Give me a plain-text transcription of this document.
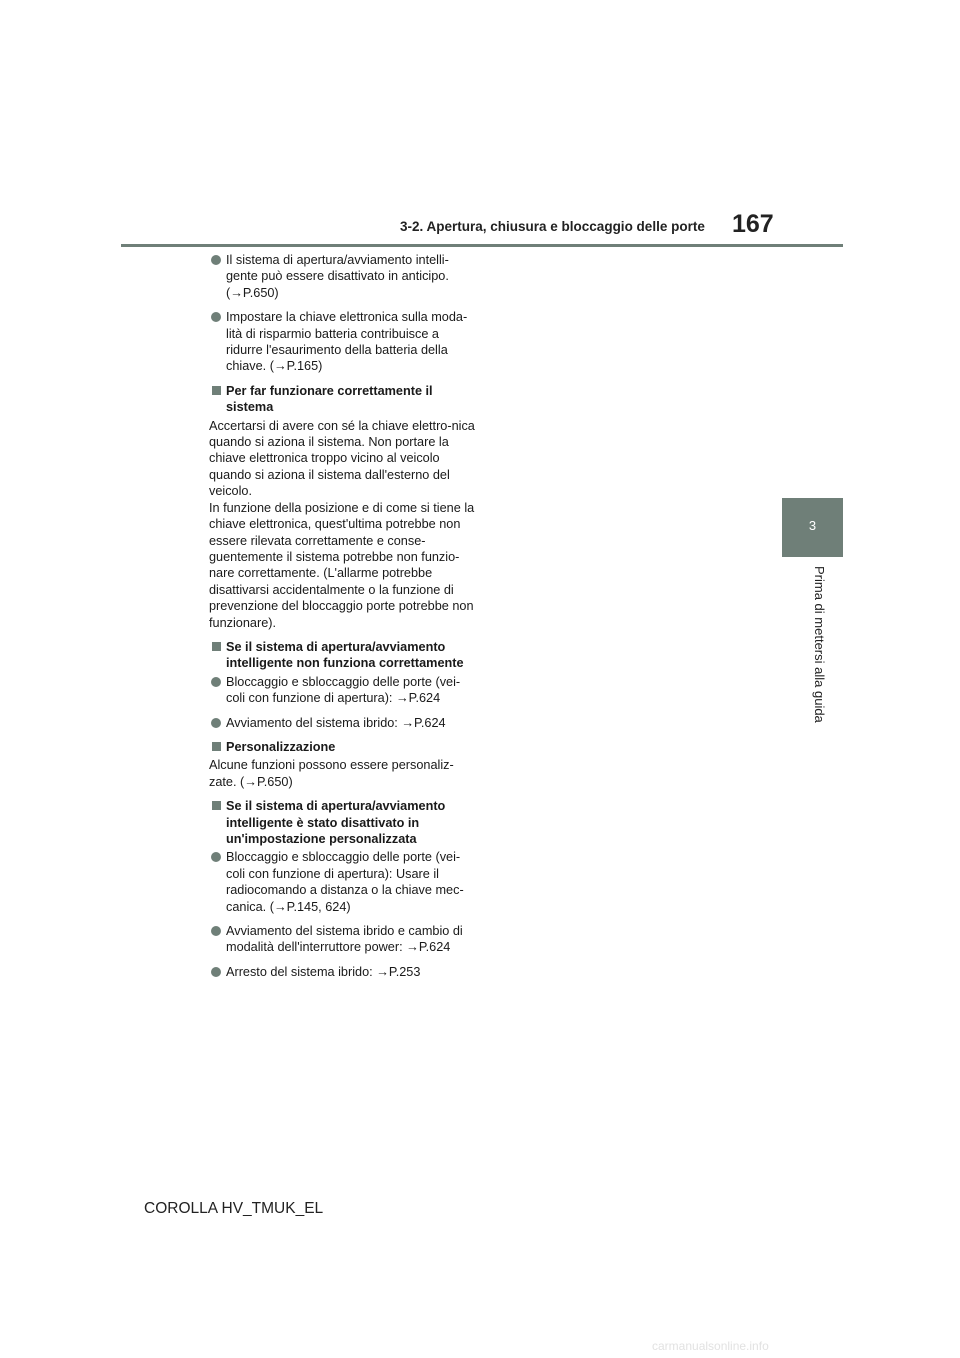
3-2. Apertura, chiusura e bloccaggio delle porte 167
3
Prima di mettersi alla guida
Il sistema di apertura/avviamento intelli-gente può essere disattivato in anticipo. (→P.650)
Impostare la chiave elettronica sulla moda-lità di risparmio batteria contribuisce a ridurre l'esaurimento della batteria della chiave. (→P.165)
Per far funzionare correttamente il sistema
Accertarsi di avere con sé la chiave elettro-nica quando si aziona il sistema. Non portare la chiave elettronica troppo vicino al veicolo quando si aziona il sistema dall'esterno del veicolo.
In funzione della posizione e di come si tiene la chiave elettronica, quest'ultima potrebbe non essere rilevata correttamente e conse-guentemente il sistema potrebbe non funzio-nare correttamente. (L'allarme potrebbe disattivarsi accidentalmente o la funzione di prevenzione del bloccaggio porte potrebbe non funzionare).
Se il sistema di apertura/avviamento intelligente non funziona correttamente
Bloccaggio e sbloccaggio delle porte (vei-coli con funzione di apertura): →P.624
Avviamento del sistema ibrido: →P.624
Personalizzazione
Alcune funzioni possono essere personaliz-zate. (→P.650)
Se il sistema di apertura/avviamento intelligente è stato disattivato in un'impostazione personalizzata
Bloccaggio e sbloccaggio delle porte (vei-coli con funzione di apertura): Usare il radiocomando a distanza o la chiave mec-canica. (→P.145, 624)
Avviamento del sistema ibrido e cambio di modalità dell'interruttore power: →P.624
Arresto del sistema ibrido: →P.253
COROLLA HV_TMUK_EL
carmanualsonline.info
